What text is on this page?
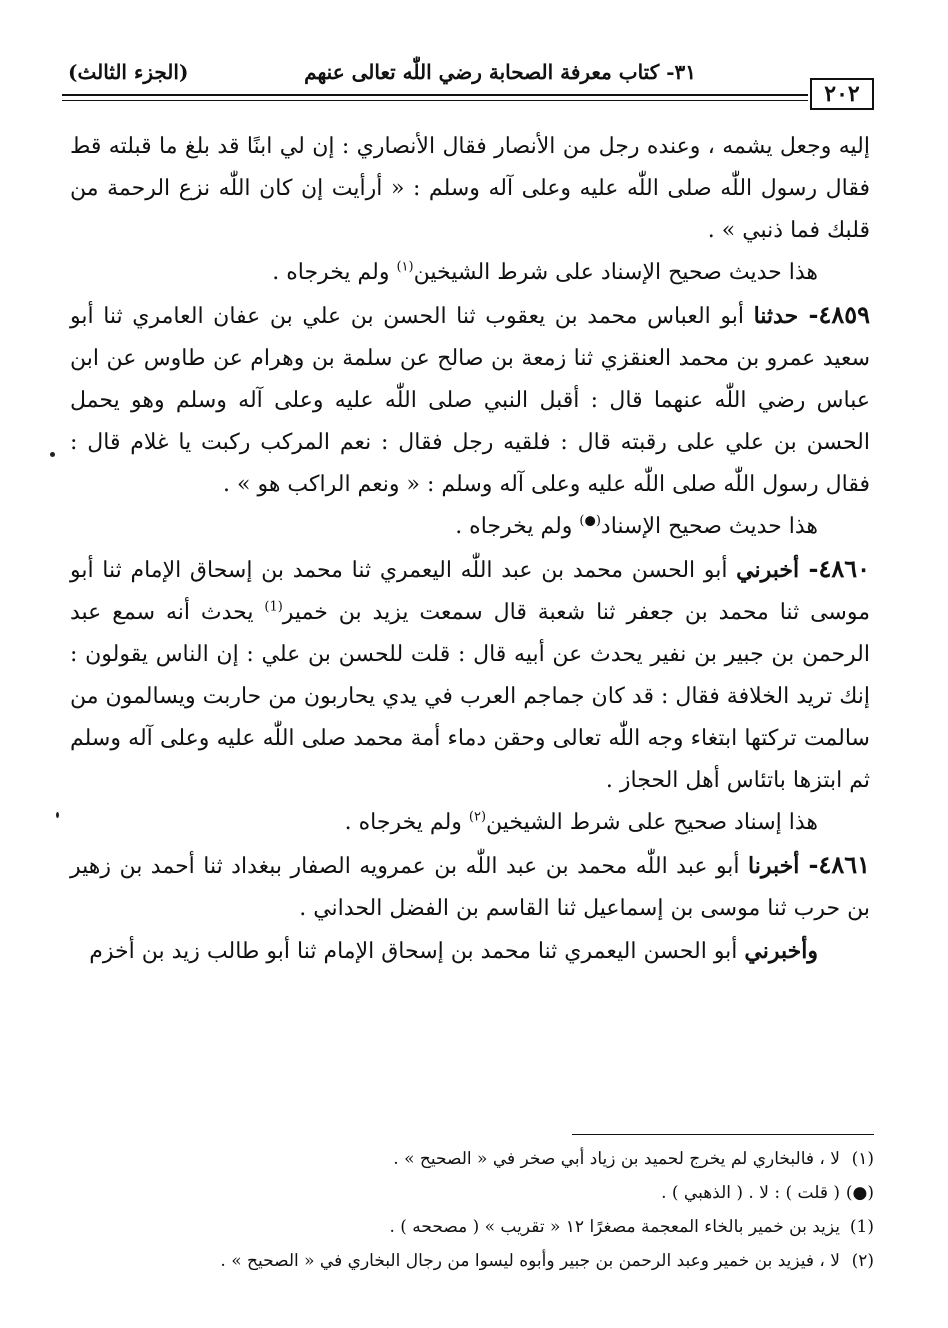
٣١- كتاب معرفة الصحابة رضي اللّٰه تعالى عنهم
(الجزء الثالث)
٢٠٢

إليه وجعل يشمه ، وعنده رجل من الأنصار فقال الأنصاري : إن لي ابنًا قد بلغ ما قبلته قط فقال رسول اللّٰه صلى اللّٰه عليه وعلى آله وسلم : « أرأيت إن كان اللّٰه نزع الرحمة من قلبك فما ذنبي » .

هذا حديث صحيح الإسناد على شرط الشيخين$^{(١)}$ ولم يخرجاه .

٤٨٥٩- حدثنا أبو العباس محمد بن يعقوب ثنا الحسن بن علي بن عفان العامري ثنا أبو سعيد عمرو بن محمد العنقزي ثنا زمعة بن صالح عن سلمة بن وهرام عن طاوس عن ابن عباس رضي اللّٰه عنهما قال : أقبل النبي صلى اللّٰه عليه وعلى آله وسلم وهو يحمل الحسن بن علي على رقبته قال : فلقيه رجل فقال : نعم المركب ركبت يا غلام قال : فقال رسول اللّٰه صلى اللّٰه عليه وعلى آله وسلم : « ونعم الراكب هو » .

هذا حديث صحيح الإسناد(●) ولم يخرجاه .

٤٨٦٠- أخبرني أبو الحسن محمد بن عبد اللّٰه اليعمري ثنا محمد بن إسحاق الإمام ثنا أبو موسى ثنا محمد بن جعفر ثنا شعبة قال سمعت يزيد بن خمير$^{(1)}$ يحدث أنه سمع عبد الرحمن بن جبير بن نفير يحدث عن أبيه قال : قلت للحسن بن علي : إن الناس يقولون : إنك تريد الخلافة فقال : قد كان جماجم العرب في يدي يحاربون من حاربت ويسالمون من سالمت تركتها ابتغاء وجه اللّٰه تعالى وحقن دماء أمة محمد صلى اللّٰه عليه وعلى آله وسلم ثم ابتزها باتئاس أهل الحجاز .

هذا إسناد صحيح على شرط الشيخين$^{(٢)}$ ولم يخرجاه .

٤٨٦١- أخبرنا أبو عبد اللّٰه محمد بن عبد اللّٰه بن عمرويه الصفار ببغداد ثنا أحمد بن زهير بن حرب ثنا موسى بن إسماعيل ثنا القاسم بن الفضل الحداني .

وأخبرني أبو الحسن اليعمري ثنا محمد بن إسحاق الإمام ثنا أبو طالب زيد بن أخزم

(١)لا ، فالبخاري لم يخرج لحميد بن زياد أبي صخر في « الصحيح » .

(●)( قلت ) : لا . ( الذهبي ) .

(1)يزيد بن خمير بالخاء المعجمة مصغرًا ١٢ « تقريب » ( مصححه ) .

(٢)لا ، فيزيد بن خمير وعبد الرحمن بن جبير وأبوه ليسوا من رجال البخاري في « الصحيح » .
